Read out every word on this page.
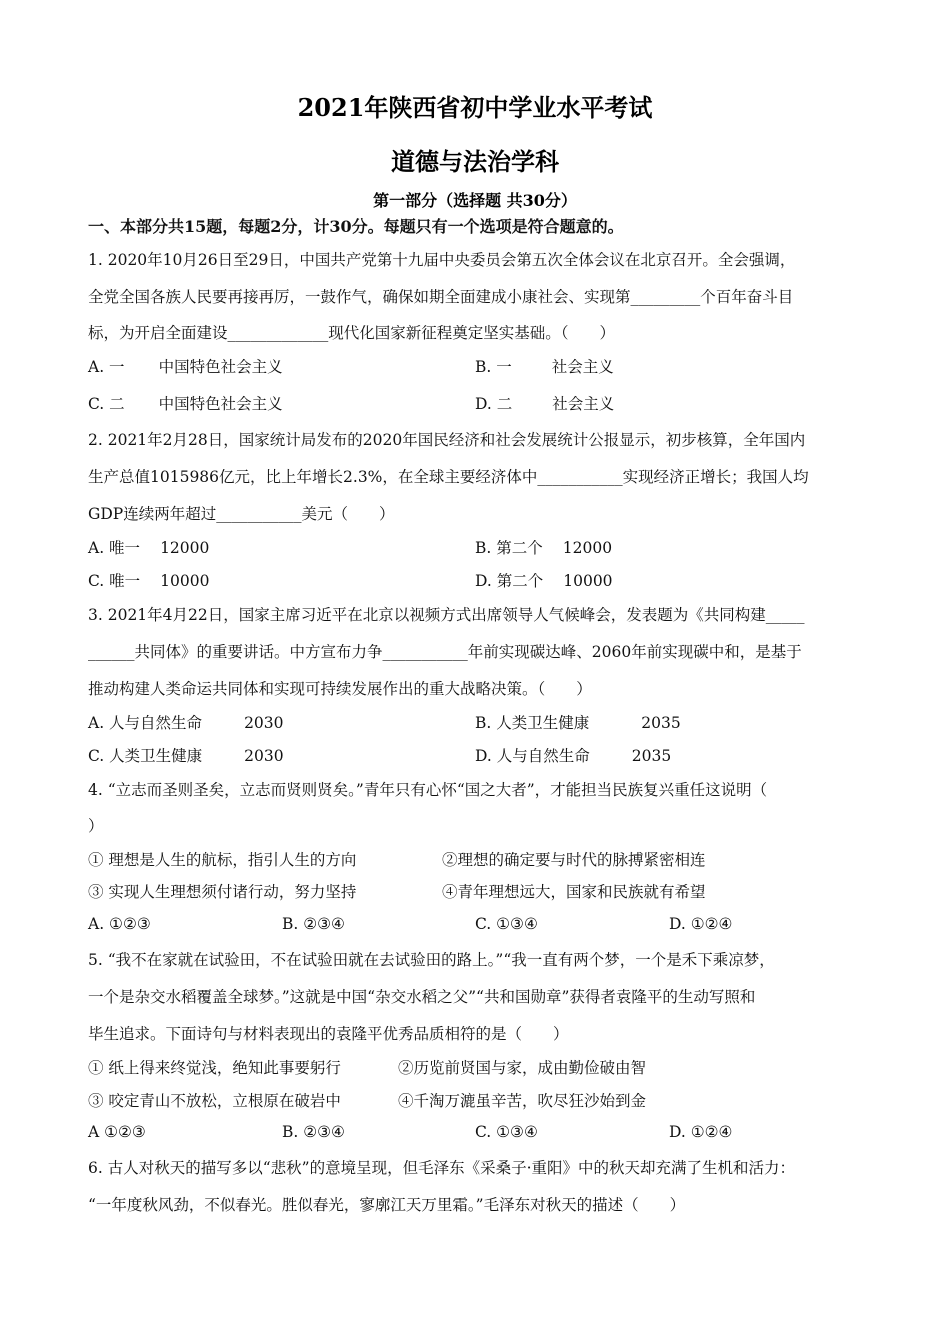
2021年陕西省初中学业水平考试
道德与法治学科
第一部分（选择题 共30分）
一、本部分共15题，每题2分，计30分。每题只有一个选项是符合题意的。
1. 2020年10月26日至29日，中国共产党第十九届中央委员会第五次全体会议在北京召开。全会强调，
全党全国各族人民要再接再厉，一鼓作气，确保如期全面建成小康社会、实现第_________个百年奋斗目
标，为开启全面建设_____________现代化国家新征程奠定坚实基础。（　　）
A. 一 中国特色社会主义	B. 一	社会主义
C. 二 中国特色社会主义	D. 二	社会主义
2. 2021年2月28日，国家统计局发布的2020年国民经济和社会发展统计公报显示，初步核算，全年国内
生产总值1015986亿元，比上年增长2.3%，在全球主要经济体中___________实现经济正增长；我国人均
GDP连续两年超过___________美元（　　）
A. 唯一 12000	B. 第二个 12000
C. 唯一 10000	D. 第二个 10000
3. 2021年4月22日，国家主席习近平在北京以视频方式出席领导人气候峰会，发表题为《共同构建_____
______共同体》的重要讲话。中方宣布力争___________年前实现碳达峰、2060年前实现碳中和，是基于
推动构建人类命运共同体和实现可持续发展作出的重大战略决策。（　　）
A. 人与自然生命	2030	B. 人类卫生健康	2035
C. 人类卫生健康	2030	D. 人与自然生命	2035
4. “立志而圣则圣矣，立志而贤则贤矣。”青年只有心怀“国之大者”，才能担当民族复兴重任这说明（
）
① 理想是人生的航标，指引人生的方向	②理想的确定要与时代的脉搏紧密相连
③ 实现人生理想须付诸行动，努力坚持	④青年理想远大，国家和民族就有希望
A. ①②③	B. ②③④	C. ①③④	D. ①②④
5. “我不在家就在试验田，不在试验田就在去试验田的路上。”“我一直有两个梦，一个是禾下乘凉梦，
一个是杂交水稻覆盖全球梦。”这就是中国“杂交水稻之父”“共和国勋章”获得者袁隆平的生动写照和
毕生追求。下面诗句与材料表现出的袁隆平优秀品质相符的是（　　）
① 纸上得来终觉浅，绝知此事要躬行	②历览前贤国与家，成由勤俭破由智
③ 咬定青山不放松，立根原在破岩中	④千淘万漉虽辛苦，吹尽狂沙始到金
A ①②③	B. ②③④	C. ①③④	D. ①②④
6. 古人对秋天的描写多以“悲秋”的意境呈现，但毛泽东《采桑子·重阳》中的秋天却充满了生机和活力：
“一年度秋风劲，不似春光。胜似春光，寥廓江天万里霜。”毛泽东对秋天的描述（　　）
